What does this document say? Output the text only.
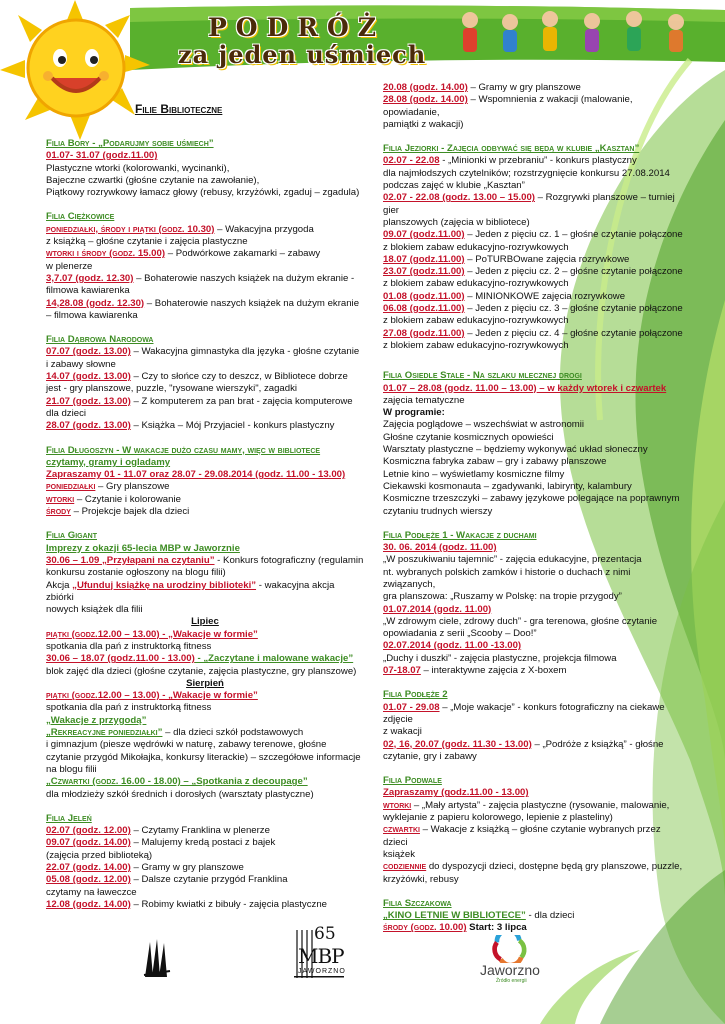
PODRÓŻ
za jeden uśmiech
Filie Biblioteczne

Filia Bory - „Podarujmy sobie uśmiech”

01.07- 31.07 (godz.11.00)

Plastyczne wtorki (kolorowanki, wycinanki),

Bajeczne czwartki (głośne czytanie na zawołanie),

Piątkowy rozrywkowy łamacz głowy (rebusy, krzyżówki, zgaduj – zgadula)

Filia Ciężkowice

poniedziałki, środy i piątki (godz. 10.30) – Wakacyjna przygoda

z książką – głośne czytanie i zajęcia plastyczne

wtorki i środy (godz. 15.00) – Podwórkowe zakamarki – zabawy

w plenerze

3,7.07 (godz. 12.30) – Bohaterowie naszych książek na dużym ekranie -

filmowa kawiarenka

14,28.08 (godz. 12.30) – Bohaterowie naszych książek na dużym ekranie

– filmowa kawiarenka

Filia Dąbrowa Narodowa

07.07 (godz. 13.00) – Wakacyjna gimnastyka dla języka - głośne czytanie

i zabawy słowne

14.07 (godz. 13.00) – Czy to słońce czy to deszcz, w Bibliotece dobrze

jest - gry planszowe, puzzle, "rysowane wierszyki", zagadki

21.07 (godz. 13.00) – Z komputerem za pan brat - zajęcia komputerowe

dla dzieci

28.07 (godz. 13.00) – Książka – Mój Przyjaciel - konkurs plastyczny

Filia Długoszyn - W wakacje dużo czasu mamy, więc w bibliotece

czytamy, gramy i ogladamy

Zapraszamy 01 - 11.07 oraz 28.07 - 29.08.2014 (godz. 11.00 - 13.00)

poniedziałki – Gry planszowe

wtorki – Czytanie i kolorowanie

środy – Projekcje bajek dla dzieci

Filia Gigant

Imprezy z okazji 65-lecia MBP w Jaworznie

30.06 – 1.09 „Przyłapani na czytaniu” - Konkurs fotograficzny (regulamin

konkursu zostanie ogłoszony na blogu filii)

Akcja „Ufunduj książkę na urodziny biblioteki” - wakacyjna akcja zbiórki

nowych książek dla filii

Lipiec

piątki (godz.12.00 – 13.00) - „Wakacje w formie”

spotkania dla pań z instruktorką fitness

30.06 – 18.07 (godz.11.00 - 13.00) - „Zaczytane i malowane wakacje”

blok zajęć dla dzieci (głośne czytanie, zajęcia plastyczne, gry planszowe)

Sierpień

piątki (godz.12.00 – 13.00) - „Wakacje w formie”

spotkania dla pań z instruktorką fitness

„Wakacje z przygodą”

„Rekreacyjne poniedziałki” – dla dzieci szkół podstawowych

i gimnazjum (piesze wędrówki w naturę, zabawy terenowe, głośne

czytanie przygód Mikołajka, konkursy literackie) – szczegółowe informacje

na blogu filii

„Czwartki (godz. 16.00 - 18.00) – „Spotkania z decoupage”

dla młodzieży szkół średnich i dorosłych (warsztaty plastyczne)

Filia Jeleń

02.07 (godz. 12.00) – Czytamy Franklina w plenerze

09.07 (godz. 14.00) – Malujemy kredą postaci z bajek

(zajęcia przed biblioteką)

22.07 (godz. 14.00) – Gramy w gry planszowe

05.08 (godz. 12.00) – Dalsze czytanie przygód Franklina

czytamy na ławeczce

12.08 (godz. 14.00) – Robimy kwiatki z bibuły - zajęcia plastyczne

20.08 (godz. 14.00) – Gramy w gry planszowe

28.08 (godz. 14.00) – Wspomnienia z wakacji (malowanie, opowiadanie,

pamiątki z wakacji)

Filia Jeziorki - Zajęcia odbywać się będą w klubie „Kasztan”

02.07 - 22.08 - „Minionki w przebraniu” - konkurs plastyczny

dla najmłodszych czytelników; rozstrzygnięcie konkursu 27.08.2014

podczas zajęć w klubie „Kasztan”

02.07 - 22.08 (godz. 13.00 – 15.00) – Rozgrywki planszowe – turniej gier

planszowych (zajęcia w bibliotece)

09.07 (godz.11.00) – Jeden z pięciu cz. 1 – głośne czytanie połączone

z blokiem zabaw edukacyjno-rozrywkowych

18.07 (godz.11.00) – PoTURBOwane zajęcia rozrywkowe

23.07 (godz.11.00) – Jeden z pięciu cz. 2 – głośne czytanie połączone

z blokiem zabaw edukacyjno-rozrywkowych

01.08 (godz.11.00) – MINIONKOWE zajęcia rozrywkowe

06.08 (godz.11.00) – Jeden z pięciu cz. 3 – głośne czytanie połączone

z blokiem zabaw edukacyjno-rozrywkowych

27.08 (godz.11.00) – Jeden z pięciu cz. 4 – głośne czytanie połączone

z blokiem zabaw edukacyjno-rozrywkowych

Filia Osiedle Stale - Na szlaku mlecznej drogi

01.07 – 28.08 (godz. 11.00 – 13.00) – w każdy wtorek i czwartek

zajęcia tematyczne

W programie:

Zajęcia poglądowe – wszechświat w astronomii

Głośne czytanie kosmicznych opowieści

Warsztaty plastyczne – będziemy wykonywać układ słoneczny

Kosmiczna fabryka zabaw – gry i zabawy planszowe

Letnie kino – wyświetlamy kosmiczne filmy

Ciekawski kosmonauta – zgadywanki, labirynty, kalambury

Kosmiczne trzeszczyki – zabawy językowe polegające na poprawnym

czytaniu trudnych wierszy

Filia Podłęże 1 - Wakacje z duchami

30. 06. 2014 (godz. 11.00)

„W poszukiwaniu tajemnic” - zajęcia edukacyjne, prezentacja

nt. wybranych polskich zamków i historie o duchach z nimi związanych,

gra planszowa: „Ruszamy w Polskę: na tropie przygody”

01.07.2014 (godz. 11.00)

„W zdrowym ciele, zdrowy duch” - gra terenowa, głośne czytanie

opowiadania z serii „Scooby – Doo!”

02.07.2014 (godz. 11.00 -13.00)

„Duchy i duszki” - zajęcia plastyczne, projekcja filmowa

07-18.07 – interaktywne zajęcia z X-boxem

Filia Podłęże 2

01.07 - 29.08 – „Moje wakacje” - konkurs fotograficzny na ciekawe zdjęcie

z wakacji

02, 16, 20.07 (godz. 11.30 - 13.00) – „Podróże z książką” - głośne

czytanie, gry i zabawy

Filia Podwale

Zapraszamy (godz.11.00 - 13.00)

wtorki – „Mały artysta” - zajęcia plastyczne (rysowanie, malowanie,

wyklejanie z papieru kolorowego, lepienie z plasteliny)

czwartki – Wakacje z książką – głośne czytanie wybranych przez dzieci

książek

codziennie do dyspozycji dzieci, dostępne będą gry planszowe, puzzle,

krzyżówki, rebusy

Filia Szczakowa

„KINO LETNIE W BIBLIOTECE” - dla dzieci

środy (godz. 10.00) Start: 3 lipca

65
MBP
JAWORZNO	Jaworzno
Źródło energii
